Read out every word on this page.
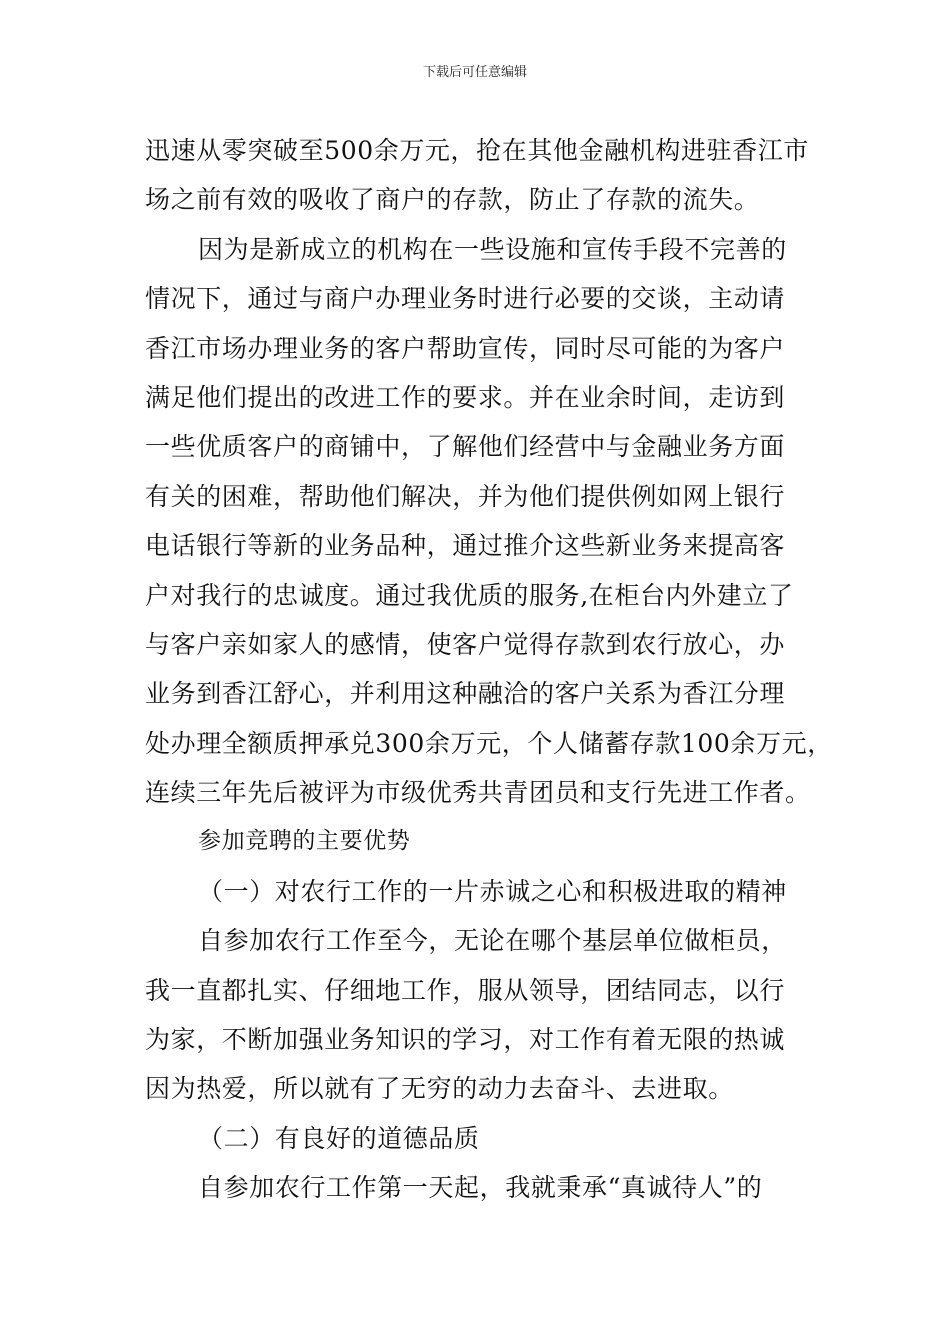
下载后可任意编辑
迅速从零突破至500余万元，抢在其他金融机构进驻香江市
场之前有效的吸收了商户的存款，防止了存款的流失。
因为是新成立的机构在一些设施和宣传手段不完善的
情况下，通过与商户办理业务时进行必要的交谈，主动请
香江市场办理业务的客户帮助宣传，同时尽可能的为客户
满足他们提出的改进工作的要求。并在业余时间，走访到
一些优质客户的商铺中，了解他们经营中与金融业务方面
有关的困难，帮助他们解决，并为他们提供例如网上银行
电话银行等新的业务品种，通过推介这些新业务来提高客
户对我行的忠诚度。通过我优质的服务,在柜台内外建立了
与客户亲如家人的感情，使客户觉得存款到农行放心，办
业务到香江舒心，并利用这种融洽的客户关系为香江分理
处办理全额质押承兑300余万元，个人储蓄存款100余万元，
连续三年先后被评为市级优秀共青团员和支行先进工作者。
参加竞聘的主要优势
（一）对农行工作的一片赤诚之心和积极进取的精神
自参加农行工作至今，无论在哪个基层单位做柜员，
我一直都扎实、仔细地工作，服从领导，团结同志，以行
为家，不断加强业务知识的学习，对工作有着无限的热诚
因为热爱，所以就有了无穷的动力去奋斗、去进取。
（二）有良好的道德品质
自参加农行工作第一天起，我就秉承“真诚待人”的
